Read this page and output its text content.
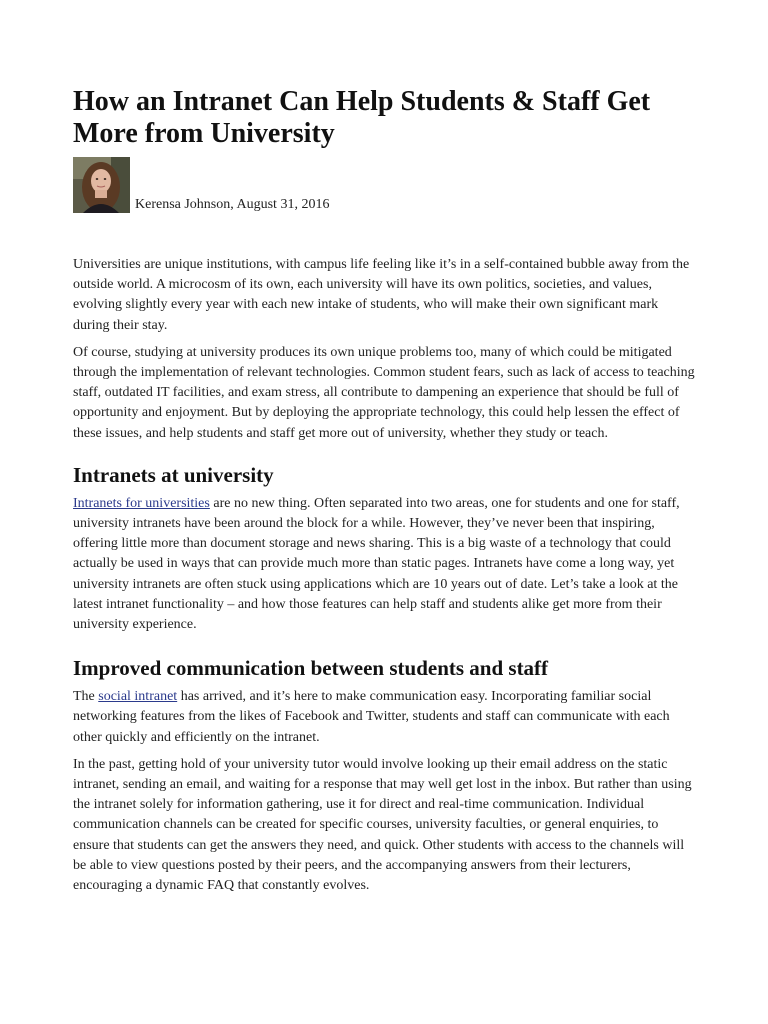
How an Intranet Can Help Students & Staff Get More from University
Kerensa Johnson, August 31, 2016

Universities are unique institutions, with campus life feeling like it’s in a self-contained bubble away from the outside world. A microcosm of its own, each university will have its own politics, societies, and values, evolving slightly every year with each new intake of students, who will make their own significant mark during their stay.

Of course, studying at university produces its own unique problems too, many of which could be mitigated through the implementation of relevant technologies. Common student fears, such as lack of access to teaching staff, outdated IT facilities, and exam stress, all contribute to dampening an experience that should be full of opportunity and enjoyment. But by deploying the appropriate technology, this could help lessen the effect of these issues, and help students and staff get more out of university, whether they study or teach.

Intranets at university

Intranets for universities are no new thing. Often separated into two areas, one for students and one for staff, university intranets have been around the block for a while. However, they’ve never been that inspiring, offering little more than document storage and news sharing. This is a big waste of a technology that could actually be used in ways that can provide much more than static pages. Intranets have come a long way, yet university intranets are often stuck using applications which are 10 years out of date. Let’s take a look at the latest intranet functionality – and how those features can help staff and students alike get more from their university experience.

Improved communication between students and staff

The social intranet has arrived, and it’s here to make communication easy. Incorporating familiar social networking features from the likes of Facebook and Twitter, students and staff can communicate with each other quickly and efficiently on the intranet.

In the past, getting hold of your university tutor would involve looking up their email address on the static intranet, sending an email, and waiting for a response that may well get lost in the inbox. But rather than using the intranet solely for information gathering, use it for direct and real-time communication. Individual communication channels can be created for specific courses, university faculties, or general enquiries, to ensure that students can get the answers they need, and quick. Other students with access to the channels will be able to view questions posted by their peers, and the accompanying answers from their lecturers, encouraging a dynamic FAQ that constantly evolves.
